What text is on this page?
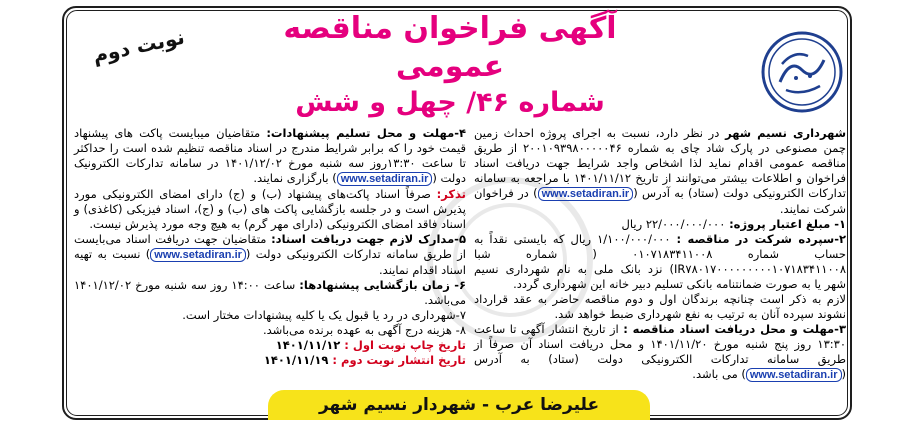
نوبت دوم	آگهی فراخوان مناقصه عمومی
شماره ۴۶/ چهل و شش

شهرداری نسیم شهر در نظر دارد، نسبت به اجرای پروژه احداث زمین چمن مصنوعی در پارک شاد چای به شماره ۲۰۰۱۰۹۳۹۸۰۰۰۰۰۴۶ از طریق مناقصه عمومی اقدام نماید لذا اشخاص واجد شرایط جهت دریافت اسناد فراخوان و اطلاعات بیشتر می‌توانند از تاریخ ۱۴۰۱/۱۱/۱۲ با مراجعه به سامانه تدارکات الکترونیکی دولت (ستاد) به آدرس (www.setadiran.ir) در فراخوان شرکت نمایند.

۱- مبلغ اعتبار پروژه: ۲۲/۰۰۰/۰۰۰/۰۰۰ ریال

۲-سپرده شرکت در مناقصه : ۱/۱۰۰/۰۰۰/۰۰۰ ریال که بایستی نقداً به حساب شماره ۰۱۰۷۱۸۳۴۱۱۰۰۸ ( شماره شبا IR۷۸۰۱۷۰۰۰۰۰۰۰۰۰۱۰۷۱۸۳۴۱۱۰۰۸) نزد بانک ملی به نام شهرداری نسیم شهر یا به صورت ضمانتنامه بانکی تسلیم دبیر خانه این شهرداری گردد.

لازم به ذکر است چنانچه برندگان اول و دوم مناقصه حاضر به عقد قرارداد نشوند سپرده آنان به ترتیب به نفع شهرداری ضبط خواهد شد.

۳-مهلت و محل دریافت اسناد مناقصه : از تاریخ انتشار آگهی تا ساعت ۱۳:۳۰ روز پنج شنبه مورخ ۱۴۰۱/۱۱/۲۰ و محل دریافت اسناد آن صرفاً از طریق سامانه تدارکات الکترونیکی دولت (ستاد) به آدرس (www.setadiran.ir) می باشد.

۴-مهلت و محل تسلیم پیشنهادات: متقاضیان میبایست پاکت های پیشنهاد قیمت خود را که برابر شرایط مندرج در اسناد مناقصه تنظیم شده است را حداکثر تا ساعت ۱۳:۳۰روز سه شنبه مورخ ۱۴۰۱/۱۲/۰۲ در سامانه تدارکات الکترونیک دولت (www.setadiran.ir) بارگزاری نمایند.

تذکر: صرفاً اسناد پاکت‌های پیشنهاد (ب) و (ج) دارای امضای الکترونیکی مورد پذیرش است و در جلسه بازگشایی پاکت های (ب) و (ج)، اسناد فیزیکی (کاغذی) و اسناد فاقد امضای الکترونیکی (دارای مهر گرم) به هیچ وجه مورد پذیرش نیست.

۵-مدارک لازم جهت دریافت اسناد: متقاضیان جهت دریافت اسناد می‌بایست از طریق سامانه تدارکات الکترونیکی دولت (www.setadiran.ir) نسبت به تهیه اسناد اقدام نمایند.

۶- زمان بازگشایی پیشنهادها: ساعت ۱۴:۰۰ روز سه شنبه مورخ ۱۴۰۱/۱۲/۰۲ می‌باشد.

۷-شهرداری در رد یا قبول یک یا کلیه پیشنهادات مختار است.

۸- هزینه درج آگهی به عهده برنده می‌باشد.

تاریخ چاپ نوبت اول : ۱۴۰۱/۱۱/۱۲

تاریخ انتشار نوبت دوم : ۱۴۰۱/۱۱/۱۹

علیرضا عرب - شهردار نسیم شهر
